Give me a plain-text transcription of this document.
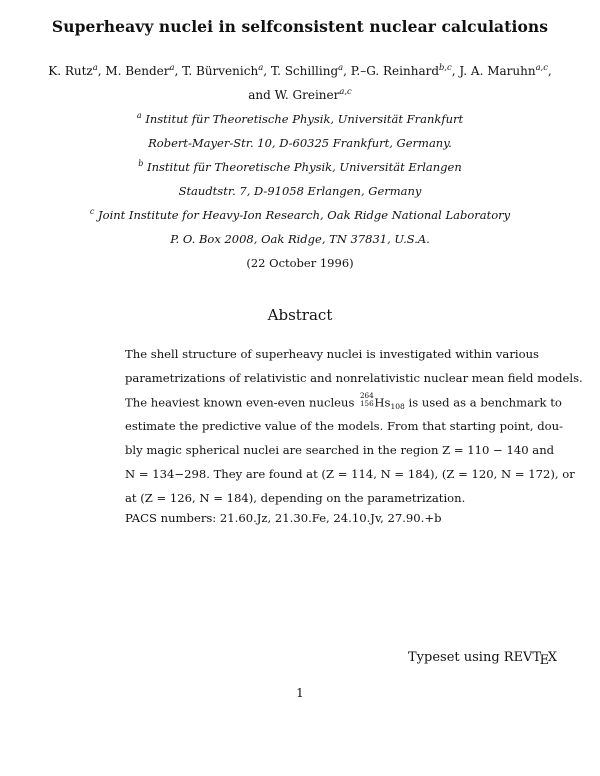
Superheavy nuclei in selfconsistent nuclear calculations
K. Rutz$^a$, M. Bender$^a$, T. Bürvenich$^a$, T. Schilling$^a$, P.–G. Reinhard$^{b,c}$, J. A. Maruhn$^{a,c}$,
and W. Greiner$^{a,c}$
$^a$ Institut für Theoretische Physik, Universität Frankfurt
Robert-Mayer-Str. 10, D-60325 Frankfurt, Germany.
$^b$ Institut für Theoretische Physik, Universität Erlangen
Staudtstr. 7, D-91058 Erlangen, Germany
$^c$ Joint Institute for Heavy-Ion Research, Oak Ridge National Laboratory
P. O. Box 2008, Oak Ridge, TN 37831, U.S.A.
(22 October 1996)
Abstract
The shell structure of superheavy nuclei is investigated within various
parametrizations of relativistic and nonrelativistic nuclear mean field models.
The heaviest known even-even nucleus
264
156 $Hs_{108}$ is used as a benchmark to
estimate the predictive value of the models. From that starting point, dou-
bly magic spherical nuclei are searched in the region Z = 110 − 140 and
N = 134−298. They are found at (Z = 114, N = 184), (Z = 120, N = 172), or
at (Z = 126, N = 184), depending on the parametrization.
PACS numbers: 21.60.Jz, 21.30.Fe, 24.10.Jv, 27.90.+b
Typeset using REVTEX
1
